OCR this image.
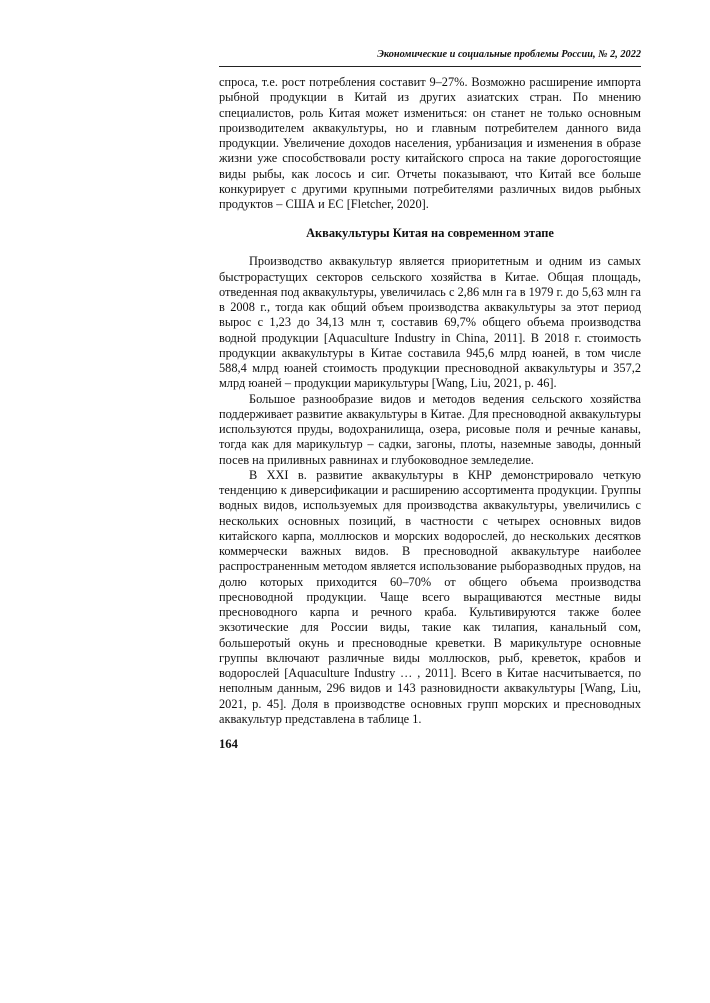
Экономические и социальные проблемы России, № 2, 2022

спроса, т.е. рост потребления составит 9–27%. Возможно расширение импорта рыбной продукции в Китай из других азиатских стран. По мнению специалистов, роль Китая может измениться: он станет не только основным производителем аквакультуры, но и главным потребителем данного вида продукции. Увеличение доходов населения, урбанизация и изменения в образе жизни уже способствовали росту китайского спроса на такие дорогостоящие виды рыбы, как лосось и сиг. Отчеты показывают, что Китай все больше конкурирует с другими крупными потребителями различных видов рыбных продуктов – США и ЕС [Fletcher, 2020].

Аквакультуры Китая на современном этапе

Производство аквакультур является приоритетным и одним из самых быстрорастущих секторов сельского хозяйства в Китае. Общая площадь, отведенная под аквакультуры, увеличилась с 2,86 млн га в 1979 г. до 5,63 млн га в 2008 г., тогда как общий объем производства аквакультуры за этот период вырос с 1,23 до 34,13 млн т, составив 69,7% общего объема производства водной продукции [Aquaculture Industry in China, 2011]. В 2018 г. стоимость продукции аквакультуры в Китае составила 945,6 млрд юаней, в том числе 588,4 млрд юаней стоимость продукции пресноводной аквакультуры и 357,2 млрд юаней – продукции марикультуры [Wang, Liu, 2021, p. 46].

Большое разнообразие видов и методов ведения сельского хозяйства поддерживает развитие аквакультуры в Китае. Для пресноводной аквакультуры используются пруды, водохранилища, озера, рисовые поля и речные канавы, тогда как для марикультур – садки, загоны, плоты, наземные заводы, донный посев на приливных равнинах и глубоководное земледелие.

В XXI в. развитие аквакультуры в КНР демонстрировало четкую тенденцию к диверсификации и расширению ассортимента продукции. Группы водных видов, используемых для производства аквакультуры, увеличились с нескольких основных позиций, в частности с четырех основных видов китайского карпа, моллюсков и морских водорослей, до нескольких десятков коммерчески важных видов. В пресноводной аквакультуре наиболее распространенным методом является использование рыборазводных прудов, на долю которых приходится 60–70% от общего объема производства пресноводной продукции. Чаще всего выращиваются местные виды пресноводного карпа и речного краба. Культивируются также более экзотические для России виды, такие как тилапия, канальный сом, большеротый окунь и пресноводные креветки. В марикультуре основные группы включают различные виды моллюсков, рыб, креветок, крабов и водорослей [Aquaculture Industry … , 2011]. Всего в Китае насчитывается, по неполным данным, 296 видов и 143 разновидности аквакультуры [Wang, Liu, 2021, p. 45]. Доля в производстве основных групп морских и пресноводных аквакультур представлена в таблице 1.

164
